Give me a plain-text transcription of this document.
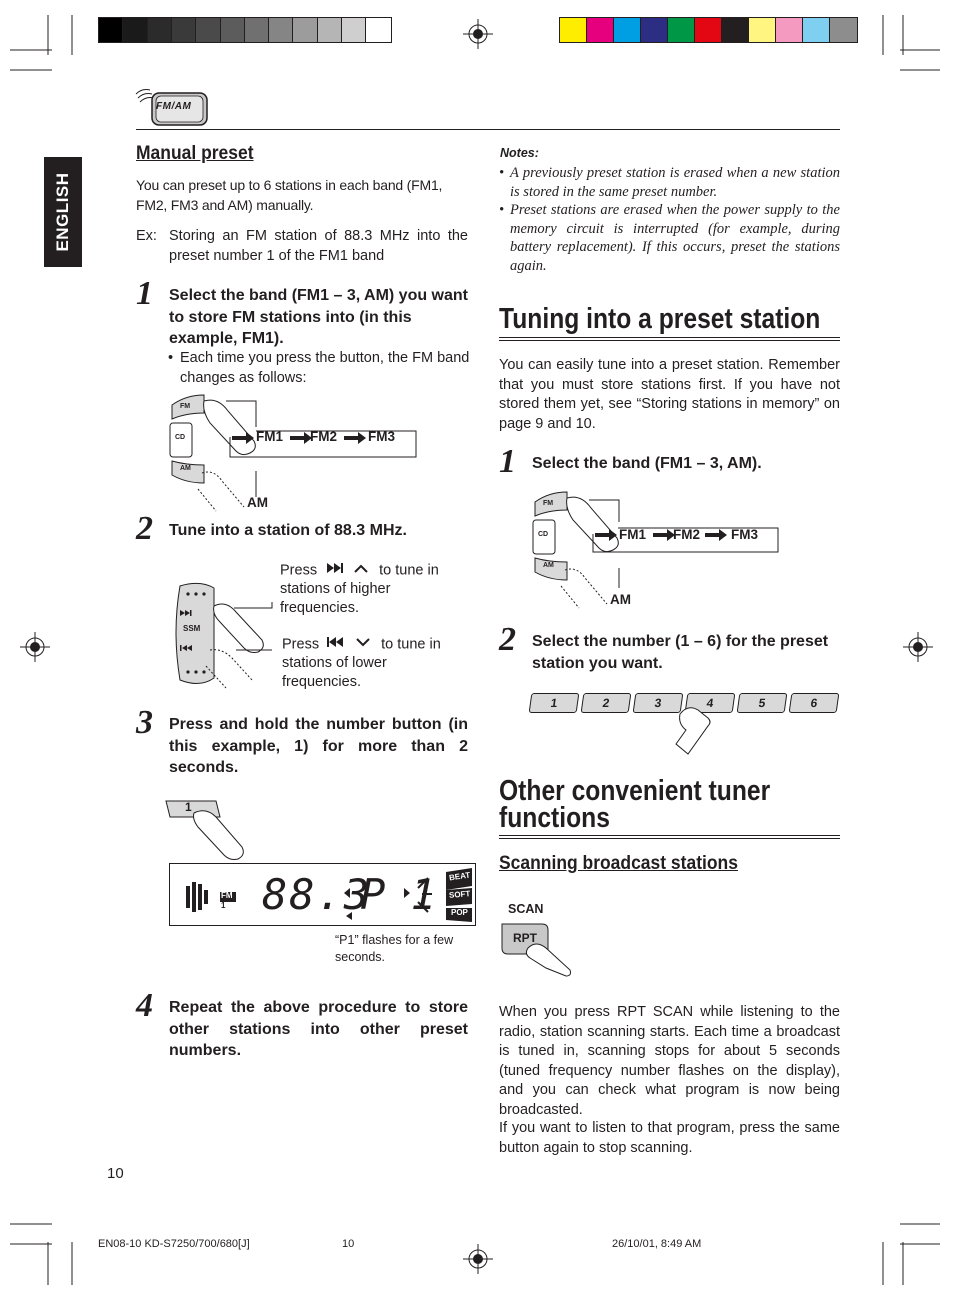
ENGLISH
FM/AM
Manual preset
You can preset up to 6 stations in each band (FM1, FM2, FM3 and AM) manually.
Ex: Storing an FM station of 88.3 MHz into the preset number 1 of the FM1 band
1 Select the band (FM1 – 3, AM) you want to store FM stations into (in this example, FM1).
• Each time you press the button, the FM band changes as follows:
FM1 FM2 FM3
FM
CD
AM
AM
2 Tune into a station of 88.3 MHz.
SSM
Press	to tune in stations of higher frequencies.
Press	to tune in stations of lower frequencies.
3 Press and hold the number button (in this example, 1) for more than 2 seconds.
1
FM
1 88.3
P 1 BEAT
SOFT
POP
“P1” flashes for a few seconds.
4 Repeat the above procedure to store other stations into other preset numbers.
Notes:
• A previously preset station is erased when a new station is stored in the same preset number.
• Preset stations are erased when the power supply to the memory circuit is interrupted (for example, during battery replacement). If this occurs, preset the stations again.
Tuning into a preset station
You can easily tune into a preset station. Remember that you must store stations first. If you have not stored them yet, see “Storing stations in memory” on page 9 and 10.
1 Select the band (FM1 – 3, AM).
FM1 FM2 FM3
FM
CD
AM
AM
2 Select the number (1 – 6) for the preset station you want.
1	2	3	4	5	6
Other convenient tuner
functions
Scanning broadcast stations
SCAN
RPT
When you press RPT SCAN while listening to the radio, station scanning starts. Each time a broadcast is tuned in, scanning stops for about 5 seconds (tuned frequency number flashes on the display), and you can check what program is now being broadcasted.
If you want to listen to that program, press the same button again to stop scanning.
10
EN08-10 KD-S7250/700/680[J]	10	26/10/01, 8:49 AM
